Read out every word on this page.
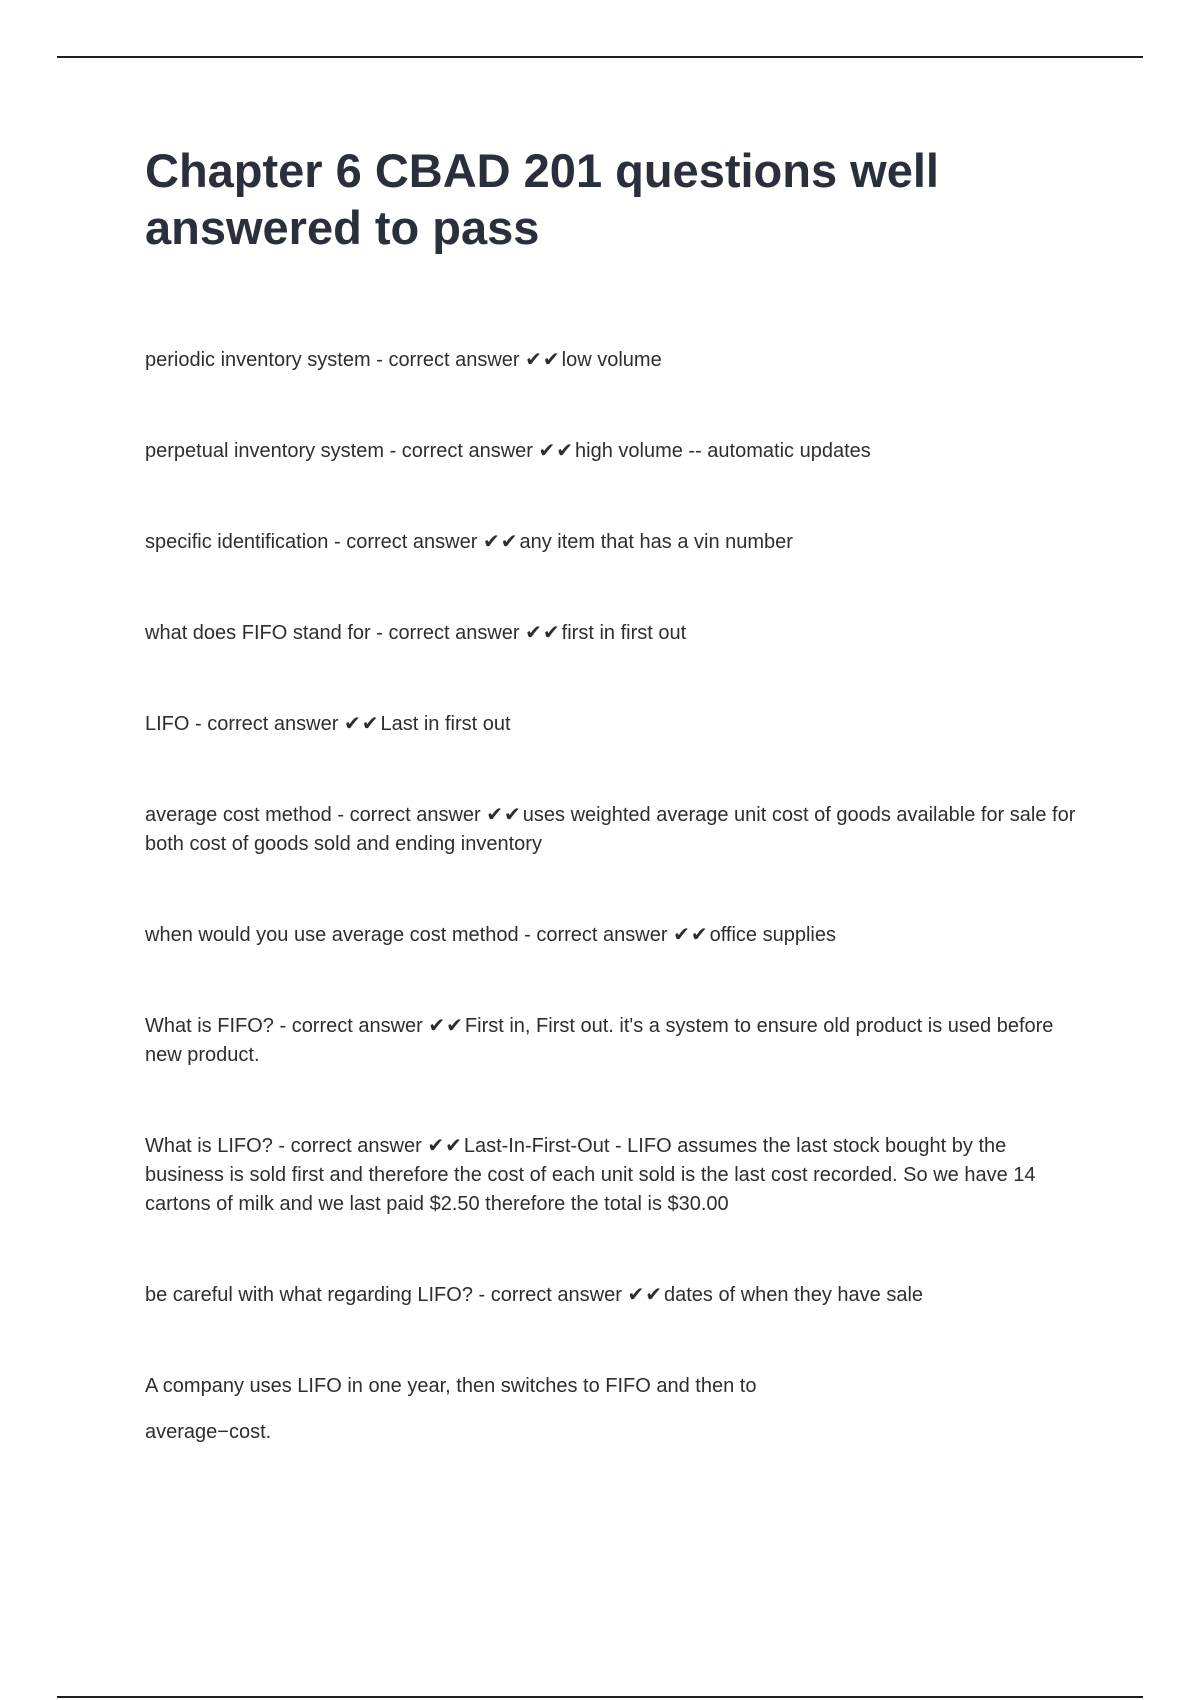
Chapter 6 CBAD 201 questions well answered to pass

periodic inventory system - correct answer ✔✔low volume

perpetual inventory system - correct answer ✔✔high volume -- automatic updates

specific identification - correct answer ✔✔any item that has a vin number

what does FIFO stand for - correct answer ✔✔first in first out

LIFO - correct answer ✔✔Last in first out

average cost method - correct answer ✔✔uses weighted average unit cost of goods available for sale for both cost of goods sold and ending inventory

when would you use average cost method - correct answer ✔✔office supplies

What is FIFO? - correct answer ✔✔First in, First out. it's a system to ensure old product is used before new product.

What is LIFO? - correct answer ✔✔Last-In-First-Out - LIFO assumes the last stock bought by the business is sold first and therefore the cost of each unit sold is the last cost recorded. So we have 14 cartons of milk and we last paid $2.50 therefore the total is $30.00

be careful with what regarding LIFO? - correct answer ✔✔dates of when they have sale

A company uses LIFO in one year, then switches to FIFO and then to

average−cost.
